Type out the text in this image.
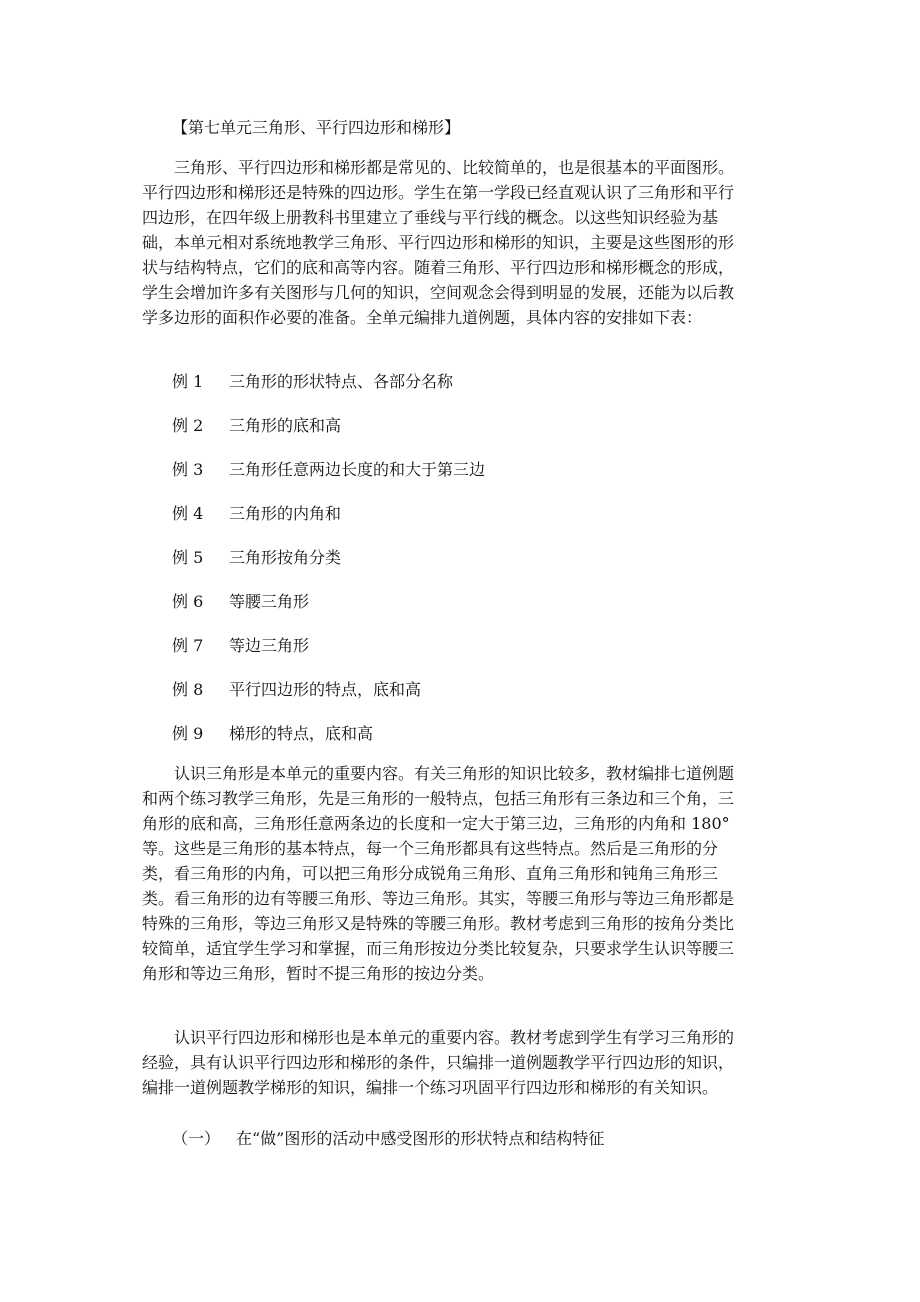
【第七单元三角形、平行四边形和梯形】
三角形、平行四边形和梯形都是常见的、比较简单的，也是很基本的平面图形。
平行四边形和梯形还是特殊的四边形。学生在第一学段已经直观认识了三角形和平行
四边形，在四年级上册教科书里建立了垂线与平行线的概念。以这些知识经验为基
础，本单元相对系统地教学三角形、平行四边形和梯形的知识，主要是这些图形的形
状与结构特点，它们的底和高等内容。随着三角形、平行四边形和梯形概念的形成，
学生会增加许多有关图形与几何的知识，空间观念会得到明显的发展，还能为以后教
学多边形的面积作必要的准备。全单元编排九道例题，具体内容的安排如下表：
例 1	三角形的形状特点、各部分名称
例 2	三角形的底和高
例 3	三角形任意两边长度的和大于第三边
例 4	三角形的内角和
例 5	三角形按角分类
例 6	等腰三角形
例 7	等边三角形
例 8	平行四边形的特点，底和高
例 9	梯形的特点，底和高
认识三角形是本单元的重要内容。有关三角形的知识比较多，教材编排七道例题
和两个练习教学三角形，先是三角形的一般特点，包括三角形有三条边和三个角，三
角形的底和高，三角形任意两条边的长度和一定大于第三边，三角形的内角和 180°
等。这些是三角形的基本特点，每一个三角形都具有这些特点。然后是三角形的分
类，看三角形的内角，可以把三角形分成锐角三角形、直角三角形和钝角三角形三
类。看三角形的边有等腰三角形、等边三角形。其实，等腰三角形与等边三角形都是
特殊的三角形，等边三角形又是特殊的等腰三角形。教材考虑到三角形的按角分类比
较简单，适宜学生学习和掌握，而三角形按边分类比较复杂，只要求学生认识等腰三
角形和等边三角形，暂时不提三角形的按边分类。
认识平行四边形和梯形也是本单元的重要内容。教材考虑到学生有学习三角形的
经验，具有认识平行四边形和梯形的条件，只编排一道例题教学平行四边形的知识，
编排一道例题教学梯形的知识，编排一个练习巩固平行四边形和梯形的有关知识。
（一） 在“做”图形的活动中感受图形的形状特点和结构特征
